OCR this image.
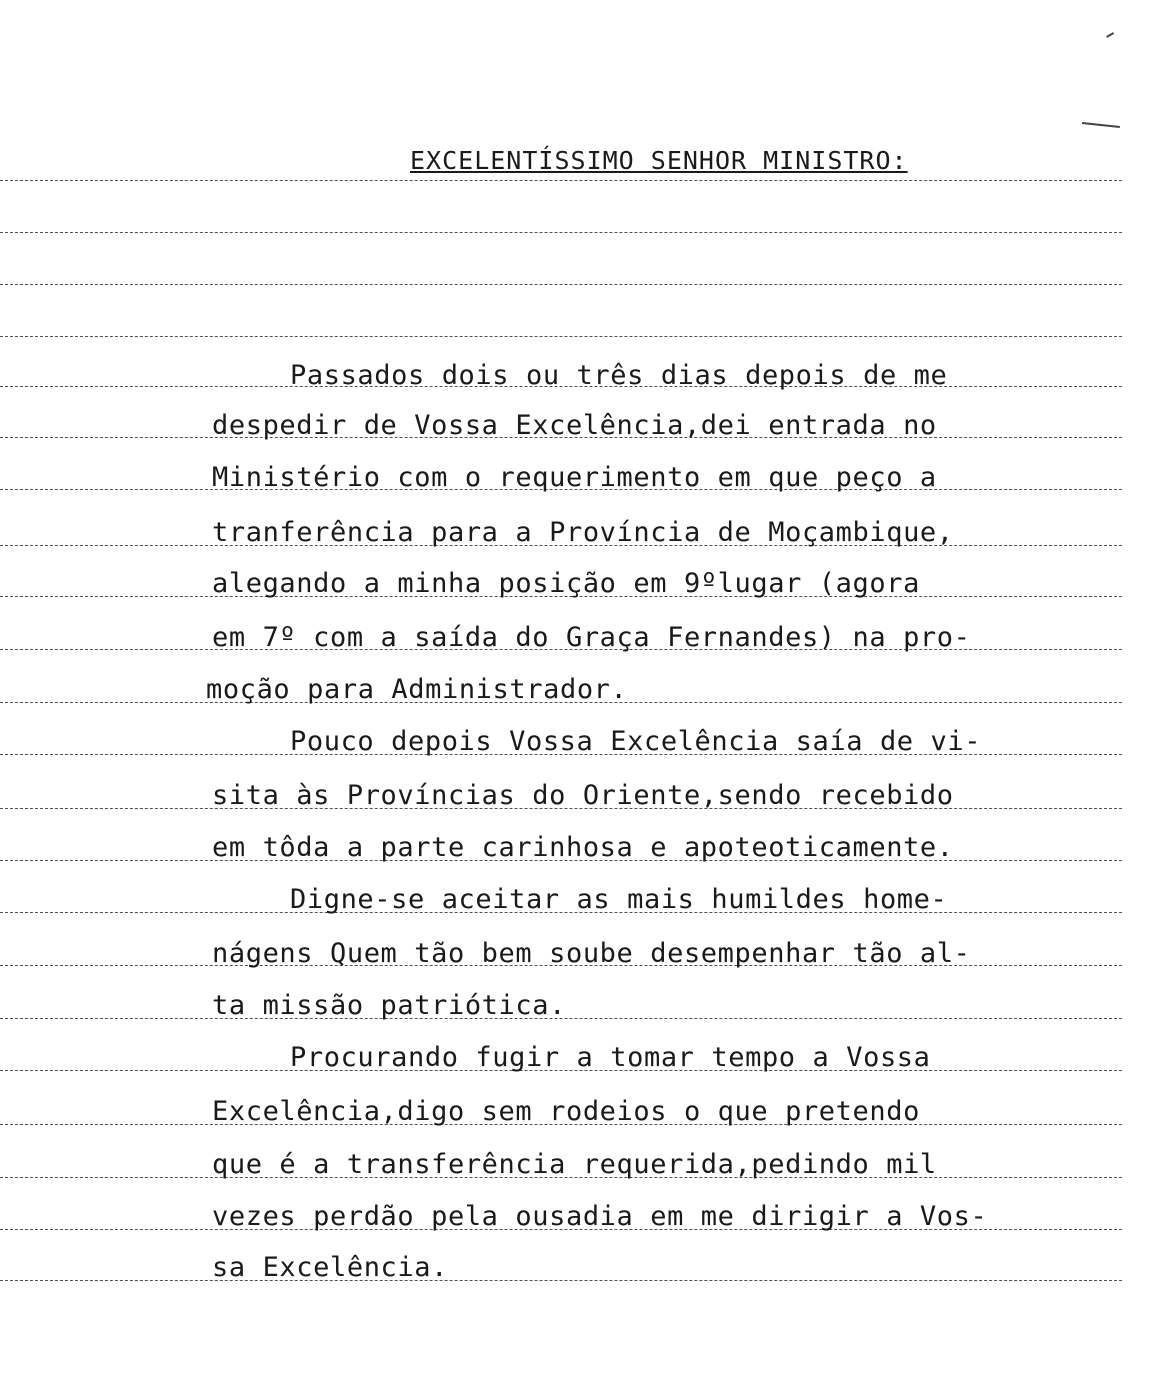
EXCELENTÍSSIMO SENHOR MINISTRO:
Passados dois ou três dias depois de me
despedir de Vossa Excelência,dei entrada no
Ministério com o requerimento em que peço a
tranferência para a Província de Moçambique,
alegando a minha posição em 9ºlugar (agora
em 7º com a saída do Graça Fernandes) na pro-
moção para Administrador.
Pouco depois Vossa Excelência saía de vi-
sita às Províncias do Oriente,sendo recebido
em tôda a parte carinhosa e apoteoticamente.
Digne-se aceitar as mais humildes home-
nágens Quem tão bem soube desempenhar tão al-
ta missão patriótica.
Procurando fugir a tomar tempo a Vossa
Excelência,digo sem rodeios o que pretendo
que é a transferência requerida,pedindo mil
vezes perdão pela ousadia em me dirigir a Vos-
sa Excelência.
